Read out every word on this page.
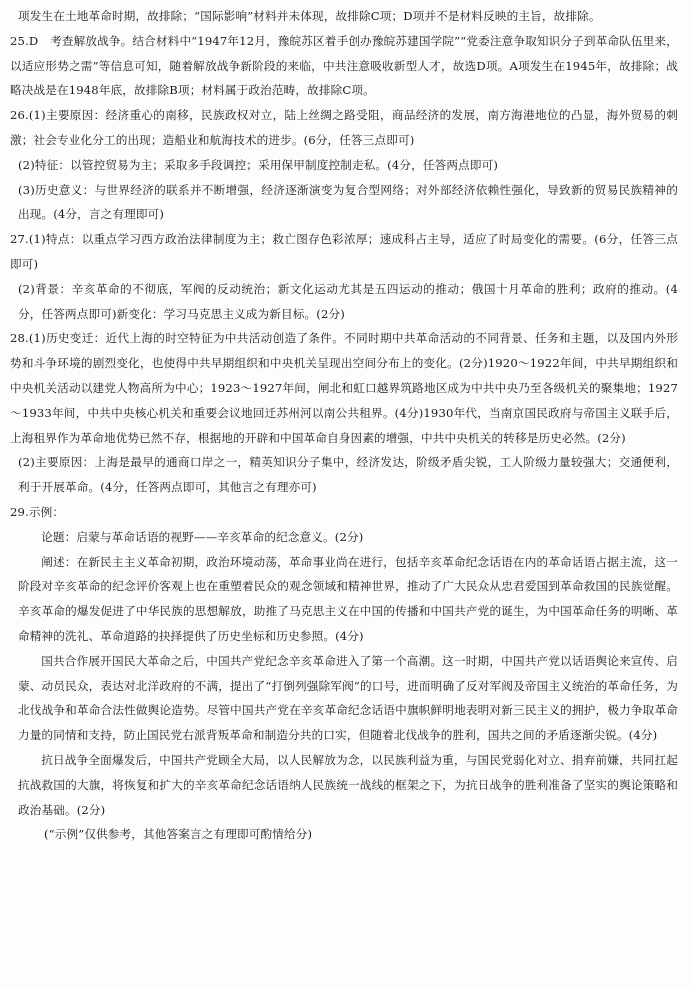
项发生在土地革命时期，故排除；“国际影响”材料并未体现，故排除C项；D项并不是材料反映的主旨，故排除。

25.D　考查解放战争。结合材料中“1947年12月，豫皖苏区着手创办豫皖苏建国学院”“党委注意争取知识分子到革命队伍里来，以适应形势之需”等信息可知，随着解放战争新阶段的来临，中共注意吸收新型人才，故选D项。A项发生在1945年，故排除；战略决战是在1948年底，故排除B项；材料属于政治范畴，故排除C项。

26.(1)主要原因：经济重心的南移，民族政权对立，陆上丝绸之路受阻，商品经济的发展，南方海港地位的凸显，海外贸易的刺激；社会专业化分工的出现；造船业和航海技术的进步。(6分，任答三点即可)

(2)特征：以管控贸易为主；采取多手段调控；采用保甲制度控制走私。(4分，任答两点即可)

(3)历史意义：与世界经济的联系并不断增强，经济逐渐演变为复合型网络；对外部经济依赖性强化，导致新的贸易民族精神的出现。(4分，言之有理即可)

27.(1)特点：以重点学习西方政治法律制度为主；救亡图存色彩浓厚；速成科占主导，适应了时局变化的需要。(6分，任答三点即可)

(2)背景：辛亥革命的不彻底，军阀的反动统治；新文化运动尤其是五四运动的推动；俄国十月革命的胜利；政府的推动。(4分，任答两点即可)新变化：学习马克思主义成为新目标。(2分)

28.(1)历史变迁：近代上海的时空特征为中共活动创造了条件。不同时期中共革命活动的不同背景、任务和主题，以及国内外形势和斗争环境的剧烈变化，也使得中共早期组织和中央机关呈现出空间分布上的变化。(2分)1920～1922年间，中共早期组织和中央机关活动以建党人物高所为中心；1923～1927年间，闸北和虹口越界筑路地区成为中共中央乃至各级机关的聚集地；1927～1933年间，中共中央核心机关和重要会议地回迁苏州河以南公共租界。(4分)1930年代，当南京国民政府与帝国主义联手后，上海租界作为革命地优势已然不存，根据地的开辟和中国革命自身因素的增强，中共中央机关的转移是历史必然。(2分)

(2)主要原因：上海是最早的通商口岸之一，精英知识分子集中，经济发达，阶级矛盾尖锐，工人阶级力量较强大；交通便利，利于开展革命。(4分，任答两点即可，其他言之有理亦可)

29.示例：

论题：启蒙与革命话语的视野——辛亥革命的纪念意义。(2分)

阐述：在新民主主义革命初期，政治环境动荡，革命事业尚在进行，包括辛亥革命纪念话语在内的革命话语占据主流，这一阶段对辛亥革命的纪念评价客观上也在重塑着民众的观念领域和精神世界，推动了广大民众从忠君爱国到革命救国的民族觉醒。辛亥革命的爆发促进了中华民族的思想解放，助推了马克思主义在中国的传播和中国共产党的诞生，为中国革命任务的明晰、革命精神的洗礼、革命道路的抉择提供了历史坐标和历史参照。(4分)

国共合作展开国民大革命之后，中国共产党纪念辛亥革命进入了第一个高潮。这一时期，中国共产党以话语舆论来宣传、启蒙、动员民众，表达对北洋政府的不满，提出了“打倒列强除军阀”的口号，进而明确了反对军阀及帝国主义统治的革命任务，为北伐战争和革命合法性做舆论造势。尽管中国共产党在辛亥革命纪念话语中旗帜鲜明地表明对新三民主义的拥护，极力争取革命力量的同情和支持，防止国民党右派背叛革命和制造分共的口实，但随着北伐战争的胜利，国共之间的矛盾逐渐尖锐。(4分)

抗日战争全面爆发后，中国共产党顾全大局，以人民解放为念，以民族利益为重，与国民党弱化对立、捐弃前嫌，共同扛起抗战救国的大旗，将恢复和扩大的辛亥革命纪念话语纳人民族统一战线的框架之下，为抗日战争的胜利准备了坚实的舆论策略和政治基础。(2分)

(“示例”仅供参考，其他答案言之有理即可酌情给分)
